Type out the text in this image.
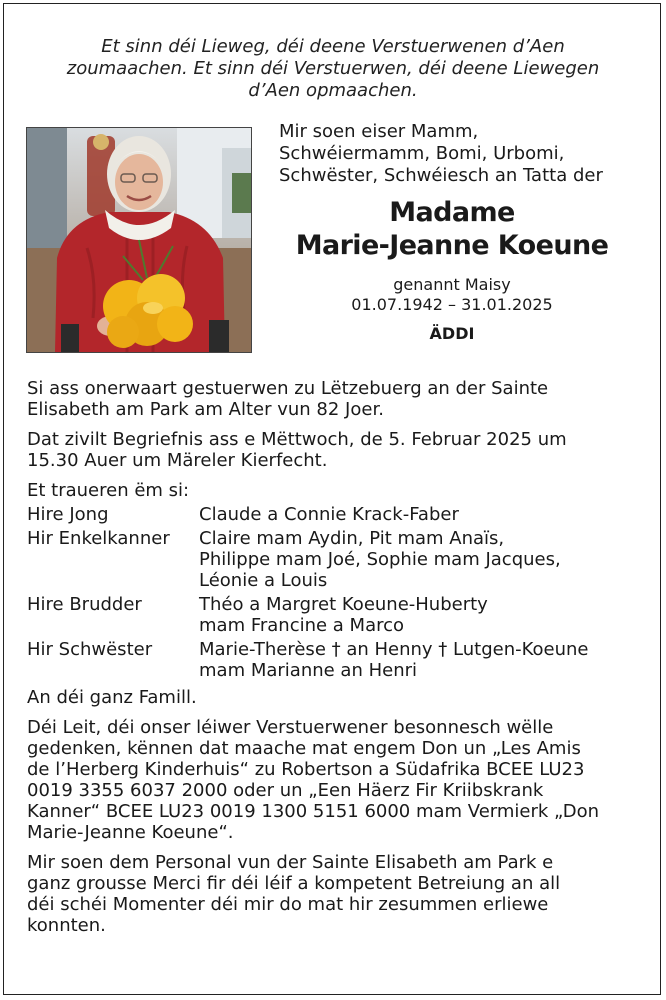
Et sinn déi Lieweg, déi deene Verstuerwenen d’Aen
zoumaachen. Et sinn déi Verstuerwen, déi deene Liewegen
d’Aen opmaachen.
Mir soen eiser Mamm,
Schwéiermamm, Bomi, Urbomi,
Schwëster, Schwéiesch an Tatta der
Madame
Marie-Jeanne Koeune
genannt Maisy
01.07.1942 – 31.01.2025
ÄDDI

Si ass onerwaart gestuerwen zu Lëtzebuerg an der Sainte
Elisabeth am Park am Alter vun 82 Joer.

Dat zivilt Begriefnis ass e Mëttwoch, de 5. Februar 2025 um
15.30 Auer um Märeler Kierfecht.

Et traueren ëm si:

Hire Jong	Claude a Connie Krack-Faber
Hir Enkelkanner	Claire mam Aydin, Pit mam Anaïs,
Philippe mam Joé, Sophie mam Jacques,
Léonie a Louis
Hire Brudder	Théo a Margret Koeune-Huberty
mam Francine a Marco
Hir Schwëster	Marie-Therèse † an Henny † Lutgen-Koeune
mam Marianne an Henri

An déi ganz Famill.

Déi Leit, déi onser léiwer Verstuerwener besonnesch wëlle
gedenken, kënnen dat maache mat engem Don un „Les Amis
de l’Herberg Kinderhuis“ zu Robertson a Südafrika BCEE LU23
0019 3355 6037 2000 oder un „Een Häerz Fir Kriibskrank
Kanner“ BCEE LU23 0019 1300 5151 6000 mam Vermierk „Don
Marie-Jeanne Koeune“.

Mir soen dem Personal vun der Sainte Elisabeth am Park e
ganz grousse Merci fir déi léif a kompetent Betreiung an all
déi schéi Momenter déi mir do mat hir zesummen erliewe
konnten.
